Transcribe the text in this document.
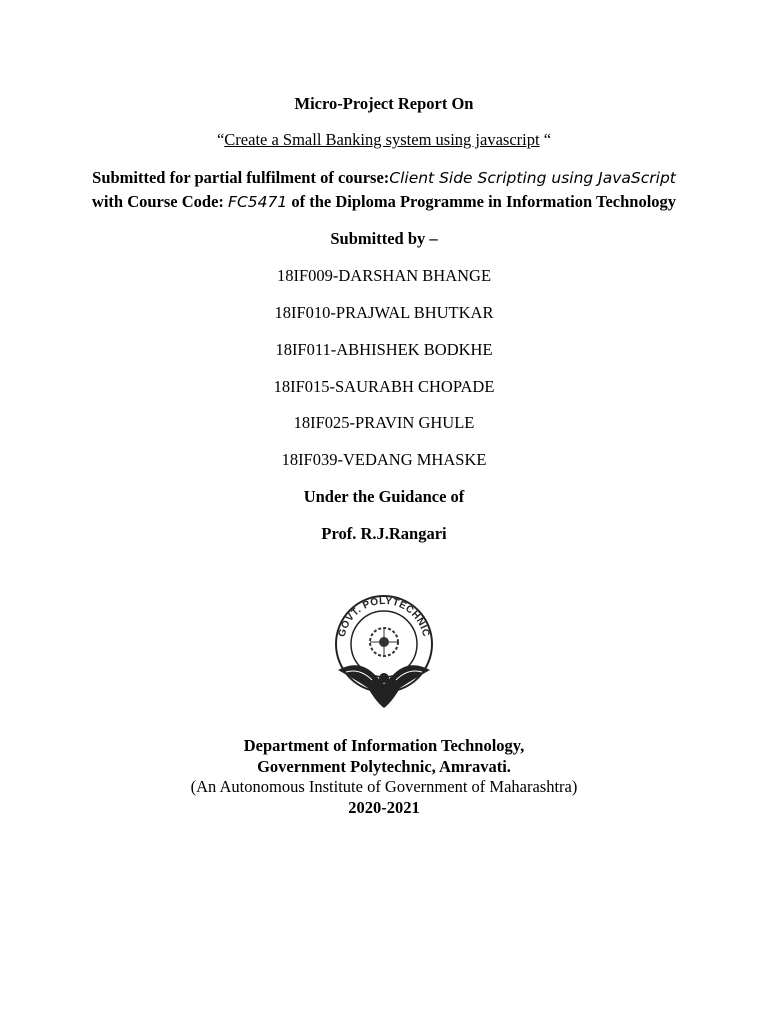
Micro-Project Report On
“Create a Small Banking system using javascript “
Submitted for partial fulfilment of course:Client Side Scripting using JavaScript
with Course Code: FC5471 of the Diploma Programme in Information Technology
Submitted by –
18IF009-DARSHAN BHANGE
18IF010-PRAJWAL BHUTKAR
18IF011-ABHISHEK BODKHE
18IF015-SAURABH CHOPADE
18IF025-PRAVIN GHULE
18IF039-VEDANG MHASKE
Under the Guidance of
Prof. R.J.Rangari
GOVT. POLYTECHNIC
Department of Information Technology,
Government Polytechnic, Amravati.
(An Autonomous Institute of Government of Maharashtra)
2020-2021
